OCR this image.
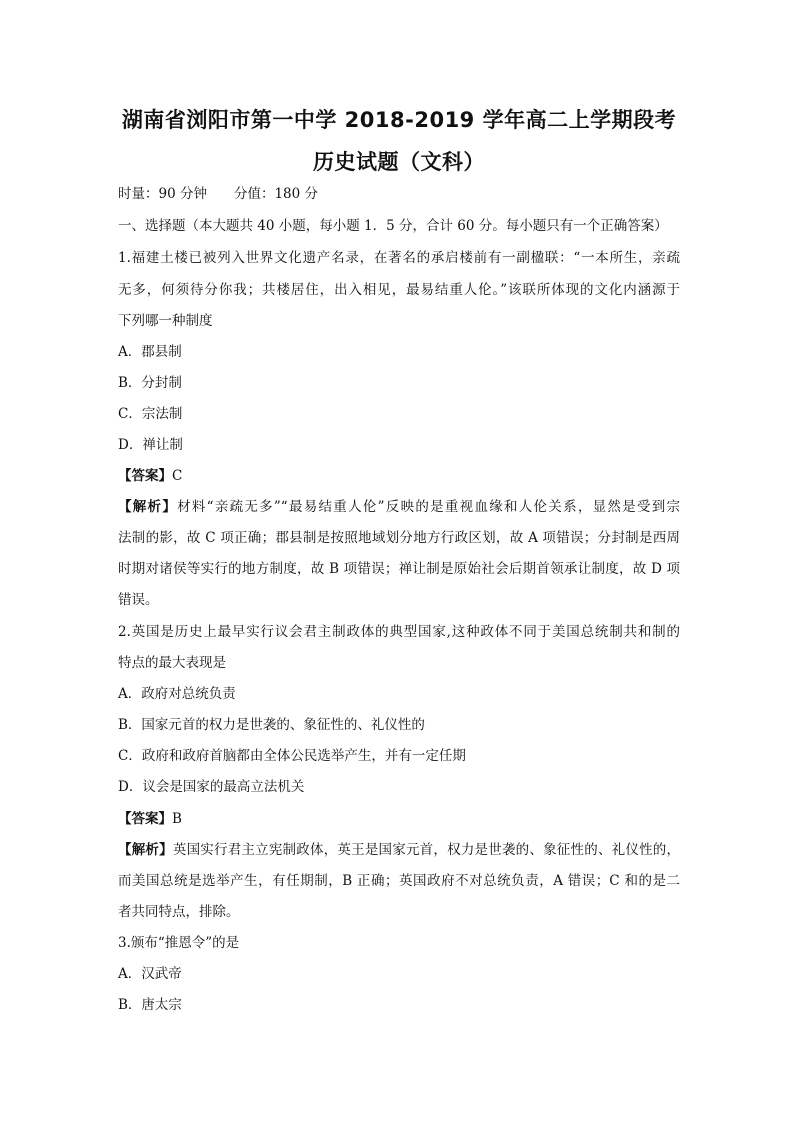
湖南省浏阳市第一中学 2018-2019 学年高二上学期段考
历史试题（文科）
时量：90 分钟　　分值：180 分
一、选择题（本大题共 40 小题，每小题 1．5 分，合计 60 分。每小题只有一个正确答案）
1.福建土楼已被列入世界文化遗产名录，在著名的承启楼前有一副楹联：“一本所生，亲疏
无多，何须待分你我；共楼居住，出入相见，最易结重人伦。”该联所体现的文化内涵源于
下列哪一种制度
A．郡县制
B．分封制
C．宗法制
D．禅让制
【答案】C
【解析】材料“亲疏无多”“最易结重人伦”反映的是重视血缘和人伦关系，显然是受到宗
法制的影，故 C 项正确；郡县制是按照地域划分地方行政区划，故 A 项错误；分封制是西周
时期对诸侯等实行的地方制度，故 B 项错误；禅让制是原始社会后期首领承让制度，故 D 项
错误。
2.英国是历史上最早实行议会君主制政体的典型国家,这种政体不同于美国总统制共和制的
特点的最大表现是
A．政府对总统负责
B．国家元首的权力是世袭的、象征性的、礼仪性的
C．政府和政府首脑都由全体公民选举产生，并有一定任期
D．议会是国家的最高立法机关
【答案】B
【解析】英国实行君主立宪制政体，英王是国家元首，权力是世袭的、象征性的、礼仪性的，
而美国总统是选举产生，有任期制，B 正确；英国政府不对总统负责，A 错误；C 和的是二
者共同特点，排除。
3.颁布“推恩令”的是
A．汉武帝
B．唐太宗
